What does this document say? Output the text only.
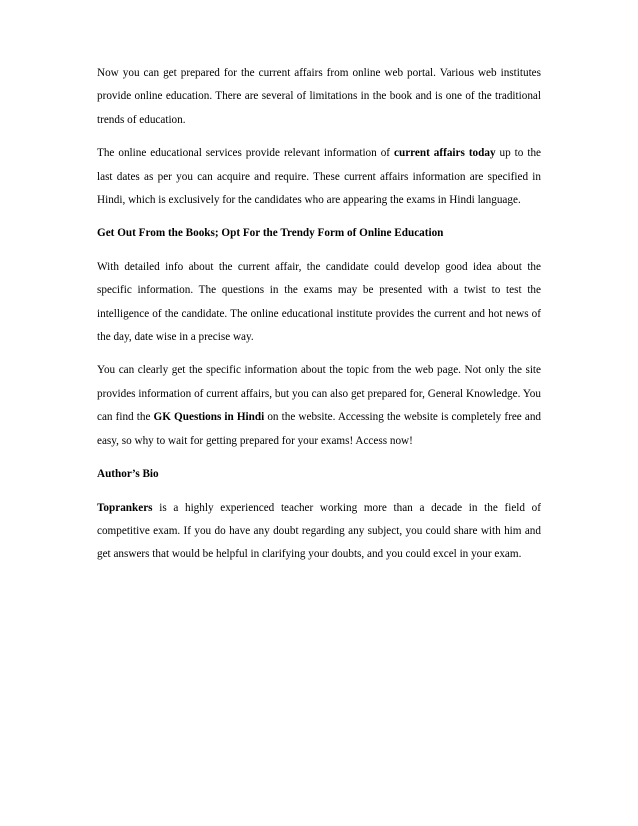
Now you can get prepared for the current affairs from online web portal. Various web institutes provide online education. There are several of limitations in the book and is one of the traditional trends of education.

The online educational services provide relevant information of current affairs today up to the last dates as per you can acquire and require. These current affairs information are specified in Hindi, which is exclusively for the candidates who are appearing the exams in Hindi language.

Get Out From the Books; Opt For the Trendy Form of Online Education

With detailed info about the current affair, the candidate could develop good idea about the specific information. The questions in the exams may be presented with a twist to test the intelligence of the candidate. The online educational institute provides the current and hot news of the day, date wise in a precise way.

You can clearly get the specific information about the topic from the web page. Not only the site provides information of current affairs, but you can also get prepared for, General Knowledge. You can find the GK Questions in Hindi on the website. Accessing the website is completely free and easy, so why to wait for getting prepared for your exams! Access now!

Author’s Bio

Toprankers is a highly experienced teacher working more than a decade in the field of competitive exam. If you do have any doubt regarding any subject, you could share with him and get answers that would be helpful in clarifying your doubts, and you could excel in your exam.
